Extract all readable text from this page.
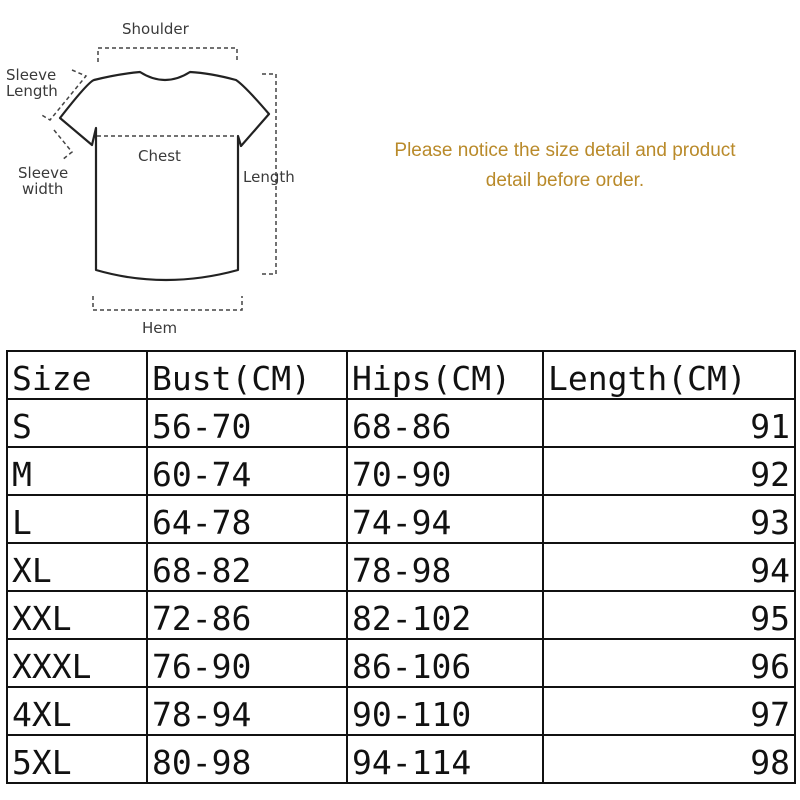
Shoulder
Sleeve
Length
Chest
Sleeve
width
Length
Hem
Please notice the size detail and product
detail before order.
Size	Bust(CM)	Hips(CM)	Length(CM)
S	56-70	68-86	91
M	60-74	70-90	92
L	64-78	74-94	93
XL	68-82	78-98	94
XXL	72-86	82-102	95
XXXL	76-90	86-106	96
4XL	78-94	90-110	97
5XL	80-98	94-114	98
